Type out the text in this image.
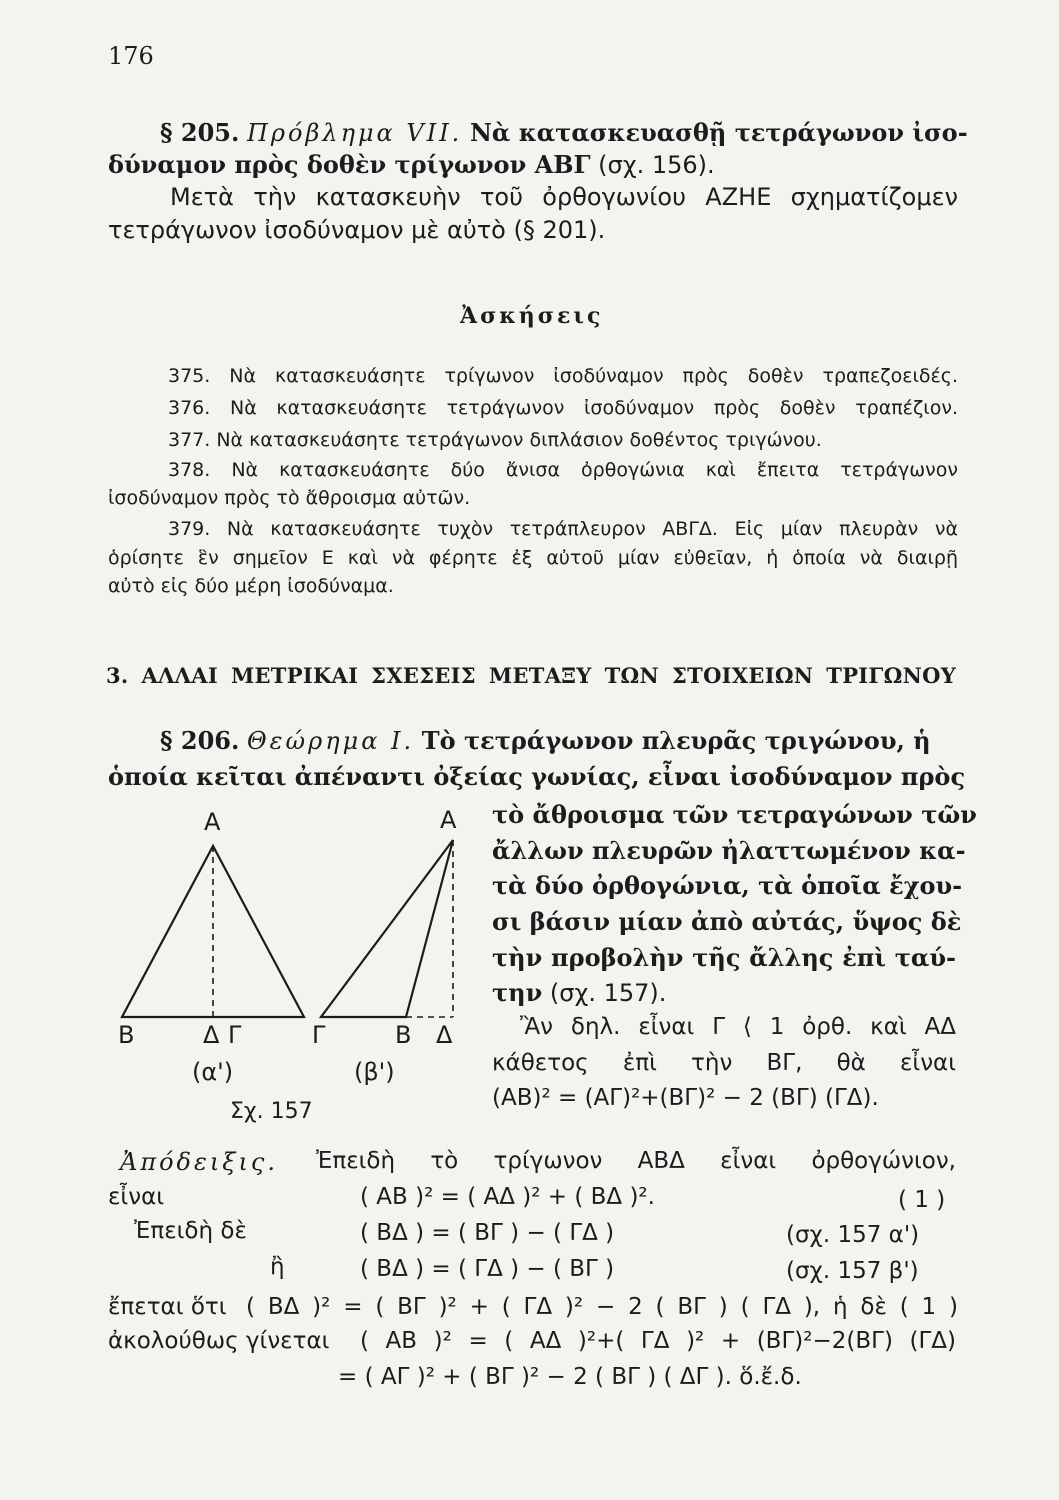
176
§ 205. Πρόβλημα VII. Νὰ κατασκευασθῇ τετράγωνον ἰσο-
δύναμον πρὸς δοθὲν τρίγωνον ΑΒΓ (σχ. 156).
Μετὰ τὴν κατασκευὴν τοῦ ὀρθογωνίου ΑΖΗΕ σχηματίζομεν
τετράγωνον ἰσοδύναμον μὲ αὐτὸ (§ 201).
Ἀσκήσεις
375. Νὰ κατασκευάσητε τρίγωνον ἰσοδύναμον πρὸς δοθὲν τραπεζοειδές.
376. Νὰ κατασκευάσητε τετράγωνον ἰσοδύναμον πρὸς δοθὲν τραπέζιον.
377. Νὰ κατασκευάσητε τετράγωνον διπλάσιον δοθέντος τριγώνου.
378. Νὰ κατασκευάσητε δύο ἄνισα ὀρθογώνια καὶ ἔπειτα τετράγωνον
ἰσοδύναμον πρὸς τὸ ἄθροισμα αὐτῶν.
379. Νὰ κατασκευάσητε τυχὸν τετράπλευρον ΑΒΓΔ. Εἰς μίαν πλευρὰν νὰ
ὁρίσητε ἓν σημεῖον Ε καὶ νὰ φέρητε ἐξ αὐτοῦ μίαν εὐθεῖαν, ἡ ὁποία νὰ διαιρῇ
αὐτὸ εἰς δύο μέρη ἰσοδύναμα.
3. ΑΛΛΑΙ ΜΕΤΡΙΚΑΙ ΣΧΕΣΕΙΣ ΜΕΤΑΞΥ ΤΩΝ ΣΤΟΙΧΕΙΩΝ ΤΡΙΓΩΝΟΥ
§ 206. Θεώρημα I. Τὸ τετράγωνον πλευρᾶς τριγώνου, ἡ
ὁποία κεῖται ἀπέναντι ὀξείας γωνίας, εἶναι ἰσοδύναμον πρὸς
τὸ ἄθροισμα τῶν τετραγώνων τῶν
ἄλλων πλευρῶν ἠλαττωμένον κα-
τὰ δύο ὀρθογώνια, τὰ ὁποῖα ἔχου-
σι βάσιν μίαν ἀπὸ αὐτάς, ὕψος δὲ
τὴν προβολὴν τῆς ἄλλης ἐπὶ ταύ-
την (σχ. 157).
Ἂν δηλ. εἶναι Γ ⟨ 1 ὀρθ. καὶ ΑΔ
κάθετος ἐπὶ τὴν ΒΓ, θὰ εἶναι
(ΑΒ)² = (ΑΓ)²+(ΒΓ)² − 2 (ΒΓ) (ΓΔ).
Α
Β	Δ Γ
Α
Γ	Β Δ
(α')	(β')
Σχ. 157
Ἀπόδειξις. Ἐπειδὴ τὸ τρίγωνον ΑΒΔ εἶναι ὀρθογώνιον,
εἶναι	( ΑΒ )² = ( ΑΔ )² + ( ΒΔ )².	( 1 )
Ἐπειδὴ δὲ	( ΒΔ ) = ( ΒΓ ) − ( ΓΔ )	(σχ. 157 α')
ἢ	( ΒΔ ) = ( ΓΔ ) − ( ΒΓ )	(σχ. 157 β')
ἔπεται ὅτι ( ΒΔ )² = ( ΒΓ )² + ( ΓΔ )² − 2 ( ΒΓ ) ( ΓΔ ), ἡ δὲ ( 1 )
ἀκολούθως γίνεται ( ΑΒ )² = ( ΑΔ )²+( ΓΔ )² + (ΒΓ)²−2(ΒΓ) (ΓΔ)
= ( ΑΓ )² + ( ΒΓ )² − 2 ( ΒΓ ) ( ΔΓ ). ὅ.ἔ.δ.
